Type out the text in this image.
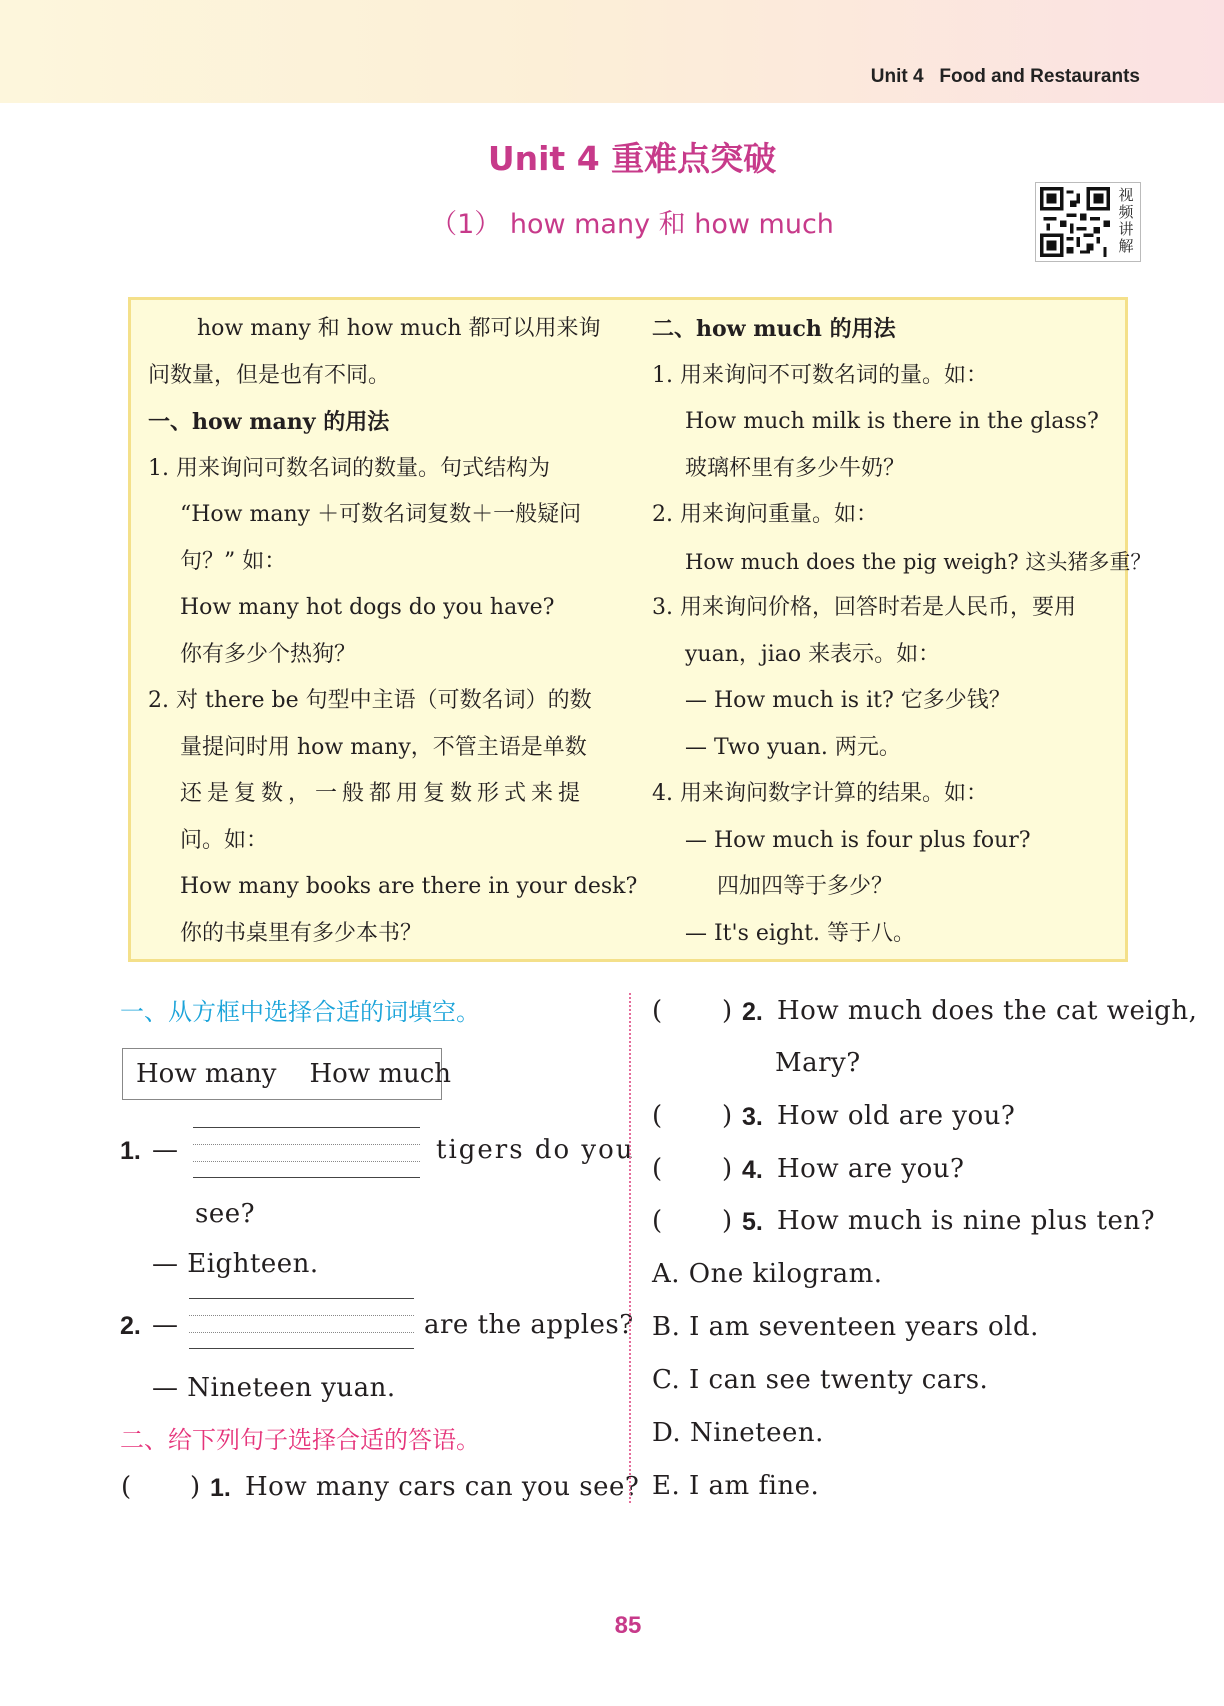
Unit 4   Food and Restaurants
Unit 4 重难点突破
（1） how many 和 how much
视频讲解
how many 和 how much 都可以用来询
问数量，但是也有不同。
一、how many 的用法
1. 用来询问可数名词的数量。句式结构为
“How many ＋可数名词复数＋一般疑问
句？” 如：
How many hot dogs do you have?
你有多少个热狗？
2. 对 there be 句型中主语（可数名词）的数
量提问时用 how many，不管主语是单数
还是复数，一般都用复数形式来提
问。如：
How many books are there in your desk?
你的书桌里有多少本书？
二、how much 的用法
1. 用来询问不可数名词的量。如：
How much milk is there in the glass?
玻璃杯里有多少牛奶？
2. 用来询问重量。如：
How much does the pig weigh? 这头猪多重？
3. 用来询问价格，回答时若是人民币，要用
yuan，jiao 来表示。如：
— How much is it? 它多少钱？
— Two yuan. 两元。
4. 用来询问数字计算的结果。如：
— How much is four plus four?
四加四等于多少？
— It's eight. 等于八。
一、从方框中选择合适的词填空。
How many    How much
1. —	tigers do you
see?
— Eighteen.
2. —	are the apples?
— Nineteen yuan.
二、给下列句子选择合适的答语。
( ) 1. How many cars can you see?
( ) 2. How much does the cat weigh,
Mary?
( ) 3. How old are you?
( ) 4. How are you?
( ) 5. How much is nine plus ten?
A. One kilogram.
B. I am seventeen years old.
C. I can see twenty cars.
D. Nineteen.
E. I am fine.
85
